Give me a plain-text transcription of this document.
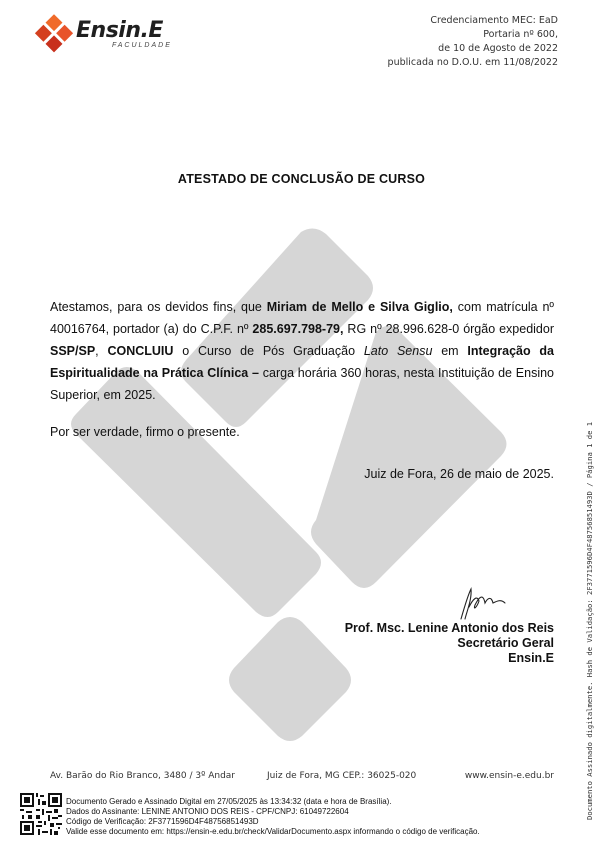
Ensin.E
FACULDADE
Credenciamento MEC: EaD
Portaria nº 600,
de 10 de Agosto de 2022
publicada no D.O.U. em 11/08/2022
ATESTADO DE CONCLUSÃO DE CURSO
Atestamos, para os devidos fins, que Miriam de Mello e Silva Giglio, com matrícula nº 40016764, portador (a) do C.P.F. nº 285.697.798-79, RG nº 28.996.628-0 órgão expedidor SSP/SP, CONCLUIU o Curso de Pós Graduação Lato Sensu em Integração da Espiritualidade na Prática Clínica – carga horária 360 horas, nesta Instituição de Ensino Superior, em 2025.
Por ser verdade, firmo o presente.
Juiz de Fora, 26 de maio de 2025.
Prof. Msc. Lenine Antonio dos Reis
Secretário Geral
Ensin.E	Documento Assinado digitalmente. Hash de Validação: 2F3771596D4F48756851493D / Página 1 de 1
Av. Barão do Rio Branco, 3480 / 3º Andar	Juiz de Fora, MG CEP.: 36025-020	www.ensin-e.edu.br
Documento Gerado e Assinado Digital em 27/05/2025 às 13:34:32 (data e hora de Brasília).
Dados do Assinante: LENINE ANTONIO DOS REIS - CPF/CNPJ: 61049722604
Código de Verificação: 2F3771596D4F48756851493D
Valide esse documento em: https://ensin-e.edu.br/check/ValidarDocumento.aspx informando o código de verificação.
